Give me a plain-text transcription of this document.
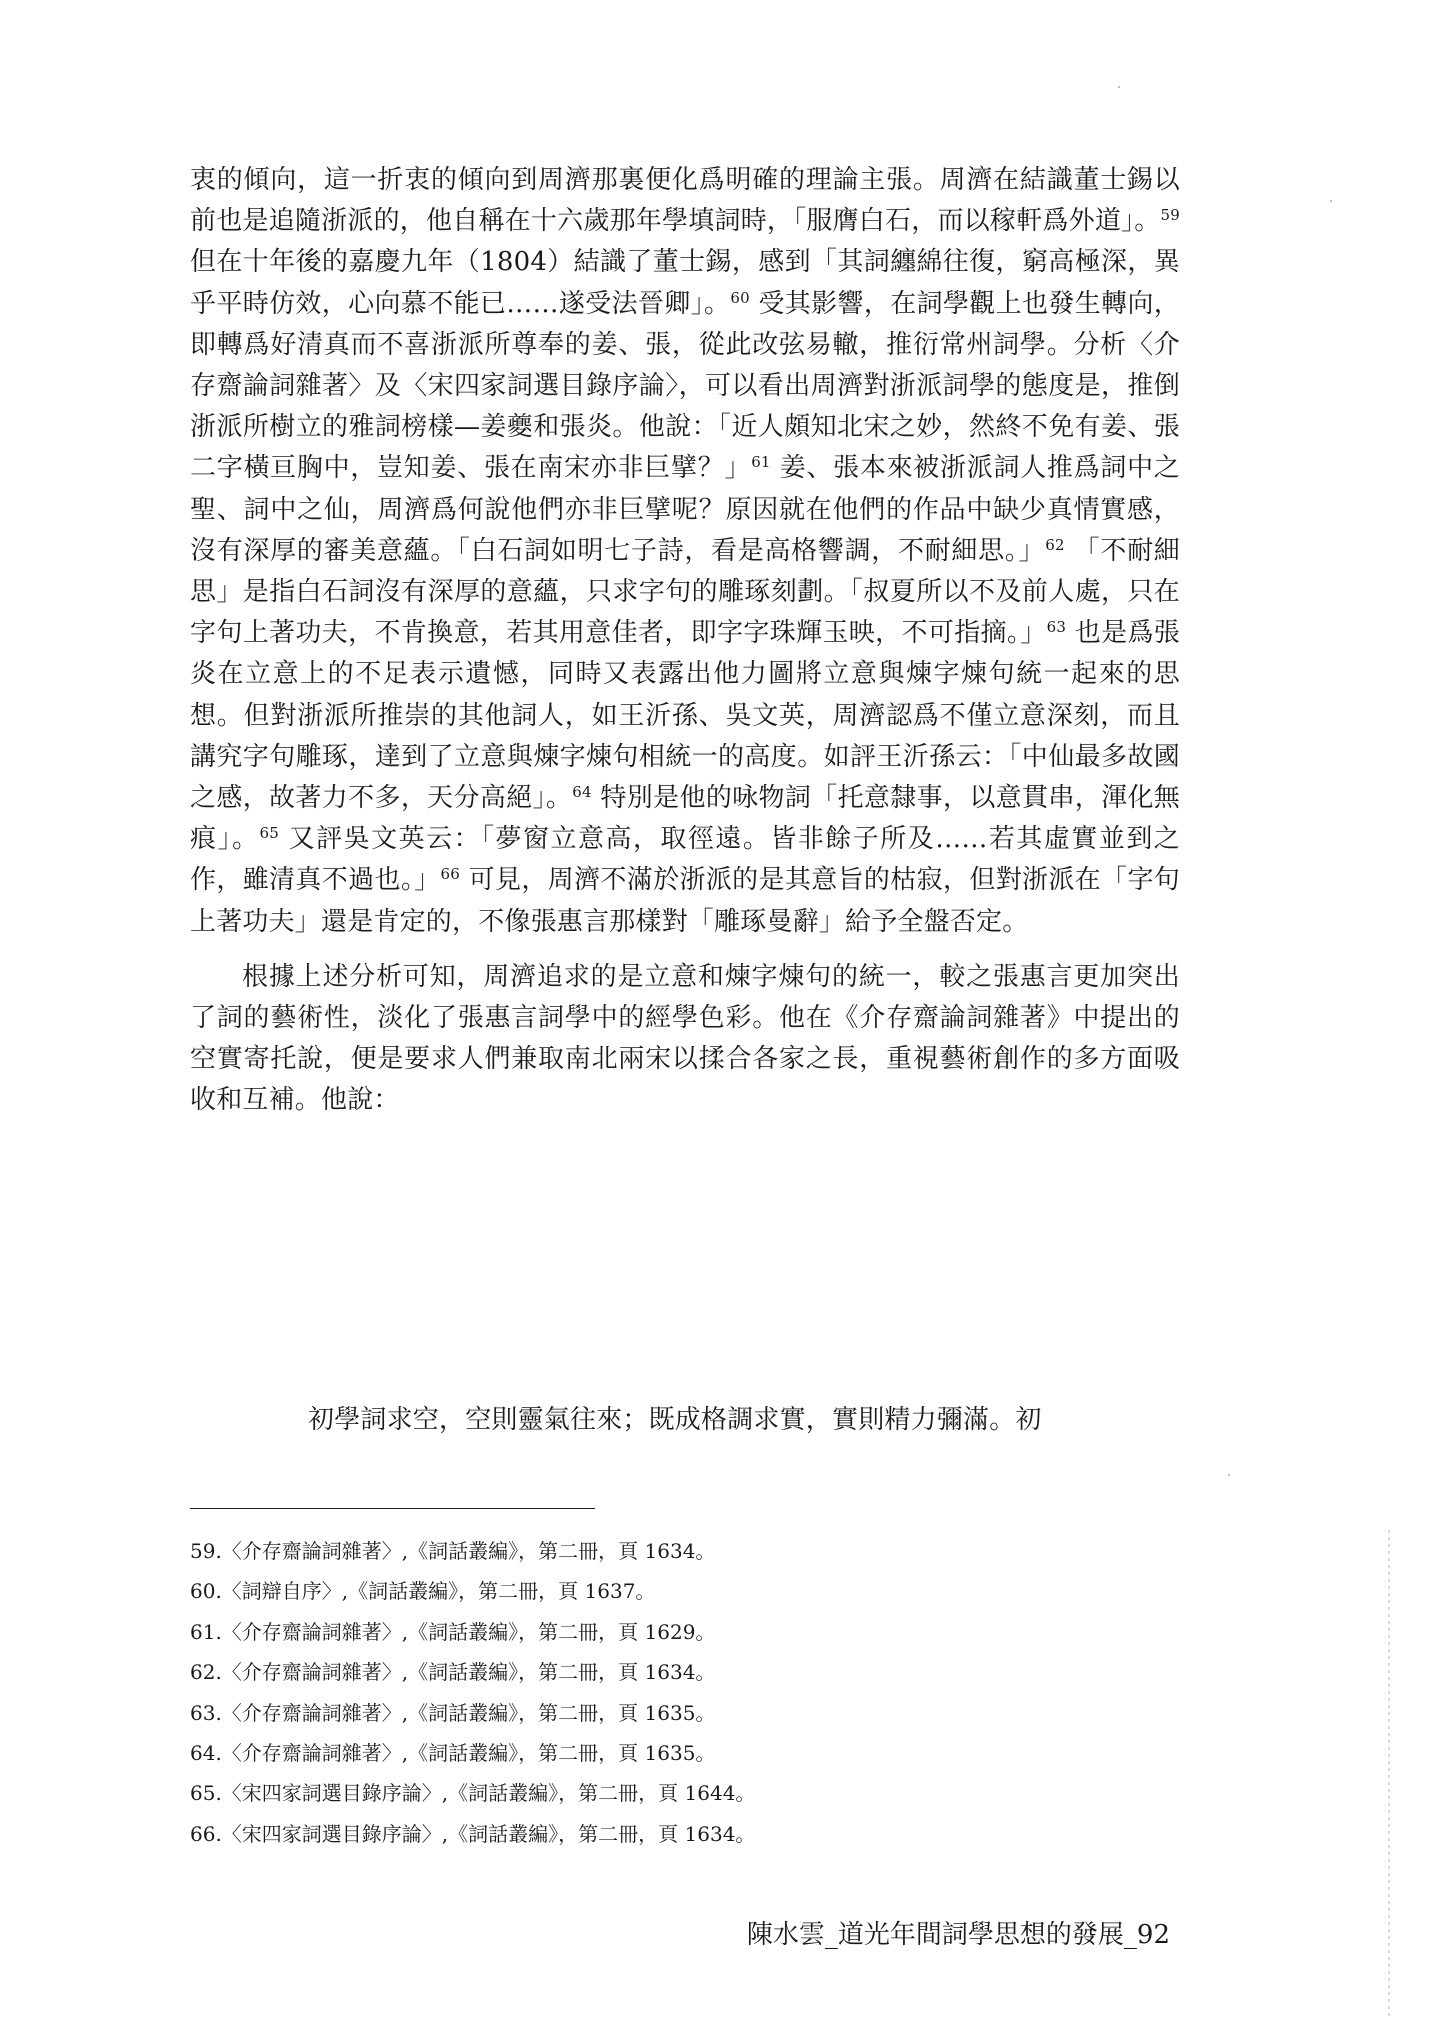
衷的傾向，這一折衷的傾向到周濟那裏便化爲明確的理論主張。周濟在結識董士錫以前也是追隨浙派的，他自稱在十六歲那年學填詞時，「服膺白石，而以稼軒爲外道」。$^{59}$ 但在十年後的嘉慶九年（1804）結識了董士錫，感到「其詞纏綿往復，窮高極深，異乎平時仿效，心向慕不能已……遂受法晉卿」。$^{60}$ 受其影響，在詞學觀上也發生轉向，即轉爲好清真而不喜浙派所尊奉的姜、張，從此改弦易轍，推衍常州詞學。分析〈介存齋論詞雜著〉及〈宋四家詞選目錄序論〉，可以看出周濟對浙派詞學的態度是，推倒浙派所樹立的雅詞榜樣—姜夔和張炎。他說：「近人頗知北宋之妙，然終不免有姜、張二字橫亘胸中，豈知姜、張在南宋亦非巨擘？」$^{61}$ 姜、張本來被浙派詞人推爲詞中之聖、詞中之仙，周濟爲何說他們亦非巨擘呢？原因就在他們的作品中缺少真情實感，沒有深厚的審美意蘊。「白石詞如明七子詩，看是高格響調，不耐細思。」$^{62}$ 「不耐細思」是指白石詞沒有深厚的意蘊，只求字句的雕琢刻劃。「叔夏所以不及前人處，只在字句上著功夫，不肯換意，若其用意佳者，即字字珠輝玉映，不可指摘。」$^{63}$ 也是爲張炎在立意上的不足表示遺憾，同時又表露出他力圖將立意與煉字煉句統一起來的思想。但對浙派所推崇的其他詞人，如王沂孫、吳文英，周濟認爲不僅立意深刻，而且講究字句雕琢，達到了立意與煉字煉句相統一的高度。如評王沂孫云：「中仙最多故國之感，故著力不多，天分高絕」。$^{64}$ 特別是他的咏物詞「托意隸事，以意貫串，渾化無痕」。$^{65}$ 又評吳文英云：「夢窗立意高，取徑遠。皆非餘子所及……若其虛實並到之作，雖清真不過也。」$^{66}$ 可見，周濟不滿於浙派的是其意旨的枯寂，但對浙派在「字句上著功夫」還是肯定的，不像張惠言那樣對「雕琢曼辭」給予全盤否定。

根據上述分析可知，周濟追求的是立意和煉字煉句的統一，較之張惠言更加突出了詞的藝術性，淡化了張惠言詞學中的經學色彩。他在《介存齋論詞雜著》中提出的空實寄托說，便是要求人們兼取南北兩宋以揉合各家之長，重視藝術創作的多方面吸收和互補。他說：

初學詞求空，空則靈氣往來；既成格調求實，實則精力彌滿。初
59.〈介存齋論詞雜著〉,《詞話叢編》，第二冊，頁 1634。
60.〈詞辯自序〉,《詞話叢編》，第二冊，頁 1637。
61.〈介存齋論詞雜著〉,《詞話叢編》，第二冊，頁 1629。
62.〈介存齋論詞雜著〉,《詞話叢編》，第二冊，頁 1634。
63.〈介存齋論詞雜著〉,《詞話叢編》，第二冊，頁 1635。
64.〈介存齋論詞雜著〉,《詞話叢編》，第二冊，頁 1635。
65.〈宋四家詞選目錄序論〉,《詞話叢編》，第二冊，頁 1644。
66.〈宋四家詞選目錄序論〉,《詞話叢編》，第二冊，頁 1634。
陳水雲_道光年間詞學思想的發展_92
